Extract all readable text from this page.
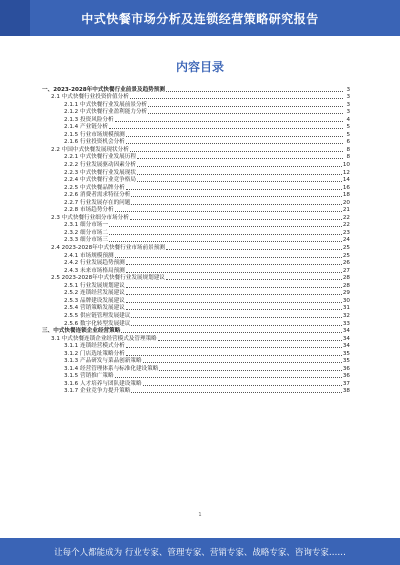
中式快餐市场分析及连锁经营策略研究报告
内容目录
一、2023-2028年中式快餐行业前景及趋势预测	3
2.1 中式快餐行业投资价值分析	3
2.1.1 中式快餐行业发展前景分析	3
2.1.2 中式快餐行业盈利能力分析	3
2.1.3 投资风险分析	4
2.1.4 产业链分析	5
2.1.5 行业市场规模预测	5
2.1.6 行业投资机会分析	6
2.2 中国中式快餐发展现状分析	8
2.2.1 中式快餐行业发展历程	8
2.2.2 行业发展驱动因素分析	10
2.2.3 中式快餐行业发展现状	12
2.2.4 中式快餐行业竞争格局	14
2.2.5 中式快餐品牌分析	16
2.2.6 消费者需求特征分析	18
2.2.7 行业发展存在的问题	20
2.2.8 市场趋势分析	21
2.3 中式快餐行业细分市场分析	22
2.3.1 细分市场一	22
2.3.2 细分市场二	23
2.3.3 细分市场三	24
2.4 2023-2028年中式快餐行业市场前景预测	25
2.4.1 市场规模预测	25
2.4.2 行业发展趋势预测	26
2.4.3 未来市场格局预测	27
2.5 2023-2028年中式快餐行业发展规划建议	28
2.5.1 行业发展规划建议	28
2.5.2 连锁经营发展建议	29
2.5.3 品牌建设发展建议	30
2.5.4 营销策略发展建议	31
2.5.5 供应链管理发展建议	32
2.5.6 数字化转型发展建议	33
三、中式快餐连锁企业经营策略	34
3.1 中式快餐连锁企业经营模式及管理策略	34
3.1.1 连锁经营模式分析	34
3.1.2 门店选址策略分析	35
3.1.3 产品研发与菜品创新策略	35
3.1.4 经营管理体系与标准化建设策略	36
3.1.5 营销推广策略	36
3.1.6 人才培养与团队建设策略	37
3.1.7 企业竞争力提升策略	38
1
让每个人都能成为 行业专家、管理专家、营销专家、战略专家、咨询专家……
